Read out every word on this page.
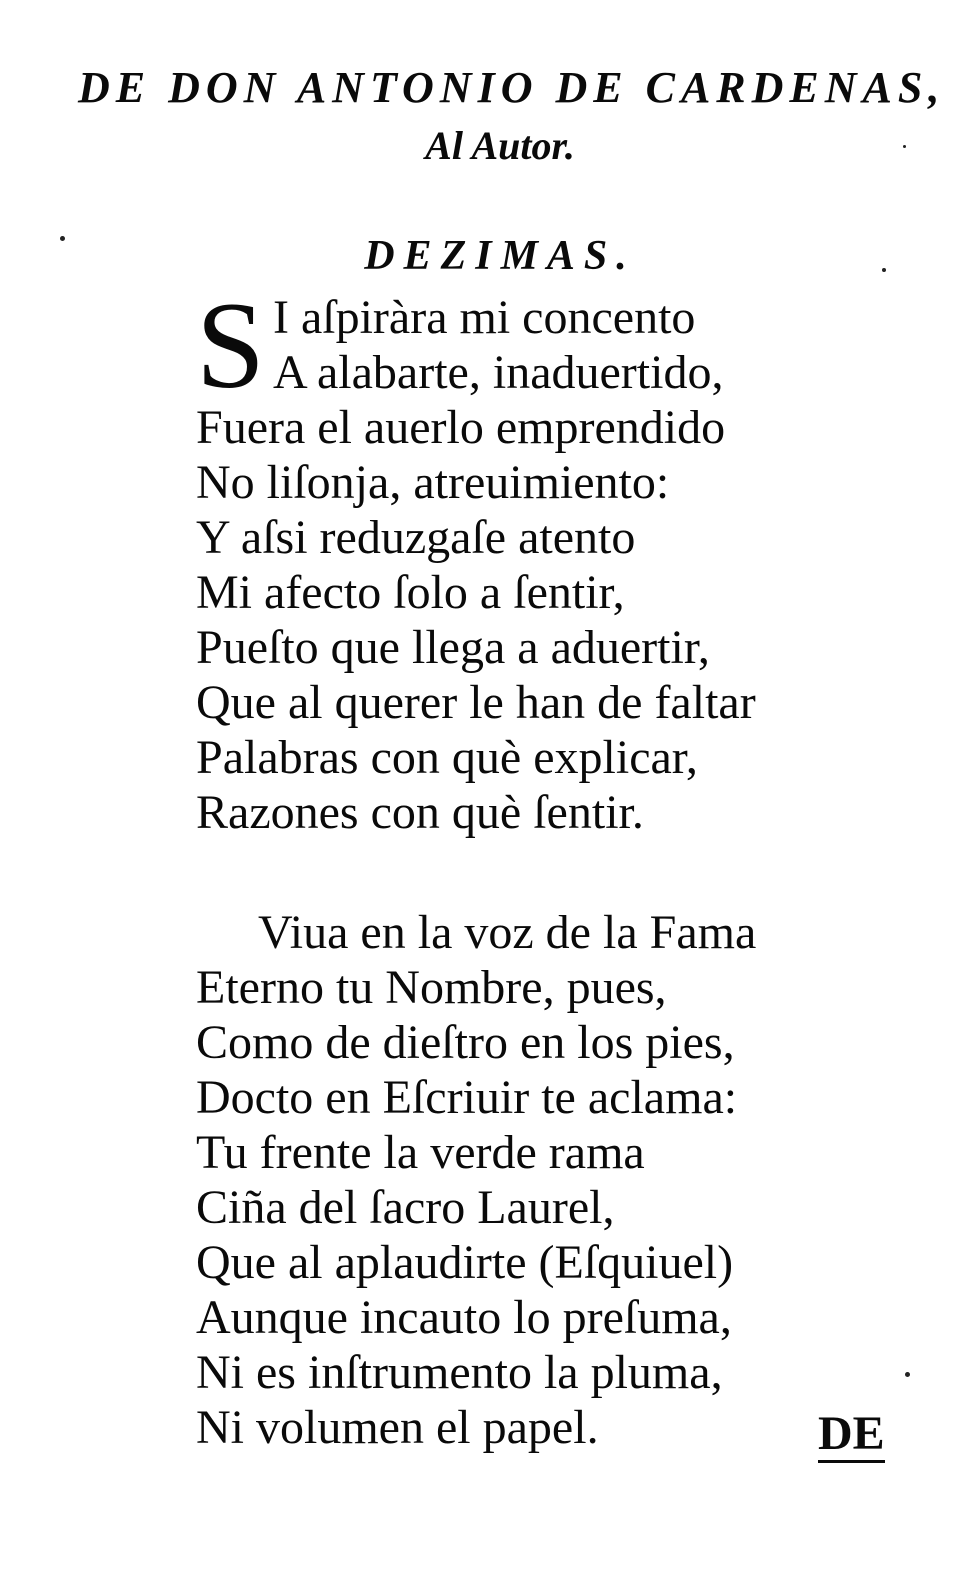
DE DON ANTONIO DE CARDENAS,
Al Autor.
DEZIMAS.
S I aſpiràra mi concento
A alabarte, inaduertido,
Fuera el auerlo emprendido
No liſonja, atreuimiento:
Y aſsi reduzgaſe atento
Mi afecto ſolo a ſentir,
Pueſto que llega a aduertir,
Que al querer le han de faltar
Palabras con què explicar,
Razones con què ſentir.
Viua en la voz de la Fama
Eterno tu Nombre, pues,
Como de dieſtro en los pies,
Docto en Eſcriuir te aclama:
Tu frente la verde rama
Ciña del ſacro Laurel,
Que al aplaudirte (Eſquiuel)
Aunque incauto lo preſuma,
Ni es inſtrumento la pluma,
Ni volumen el papel.	DE
